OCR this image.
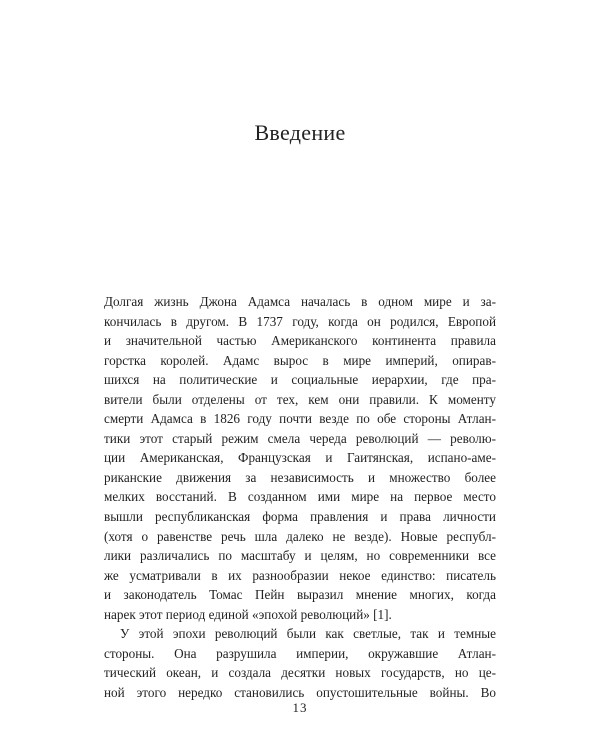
Введение
Долгая жизнь Джона Адамса началась в одном мире и за-
кончилась в другом. В 1737 году, когда он родился, Европой
и значительной частью Американского континента правила
горстка королей. Адамс вырос в мире империй, опирав-
шихся на политические и социальные иерархии, где пра-
вители были отделены от тех, кем они правили. К моменту
смерти Адамса в 1826 году почти везде по обе стороны Атлан-
тики этот старый режим смела череда революций — револю-
ции Американская, Французская и Гаитянская, испано-аме-
риканские движения за независимость и множество более
мелких восстаний. В созданном ими мире на первое место
вышли республиканская форма правления и права личности
(хотя о равенстве речь шла далеко не везде). Новые республ-
лики различались по масштабу и целям, но современники все
же усматривали в их разнообразии некое единство: писатель
и законодатель Томас Пейн выразил мнение многих, когда
нарек этот период единой «эпохой революций» [1].
У этой эпохи революций были как светлые, так и темные
стороны. Она разрушила империи, окружавшие Атлан-
тический океан, и создала десятки новых государств, но це-
ной этого нередко становились опустошительные войны. Во
13
